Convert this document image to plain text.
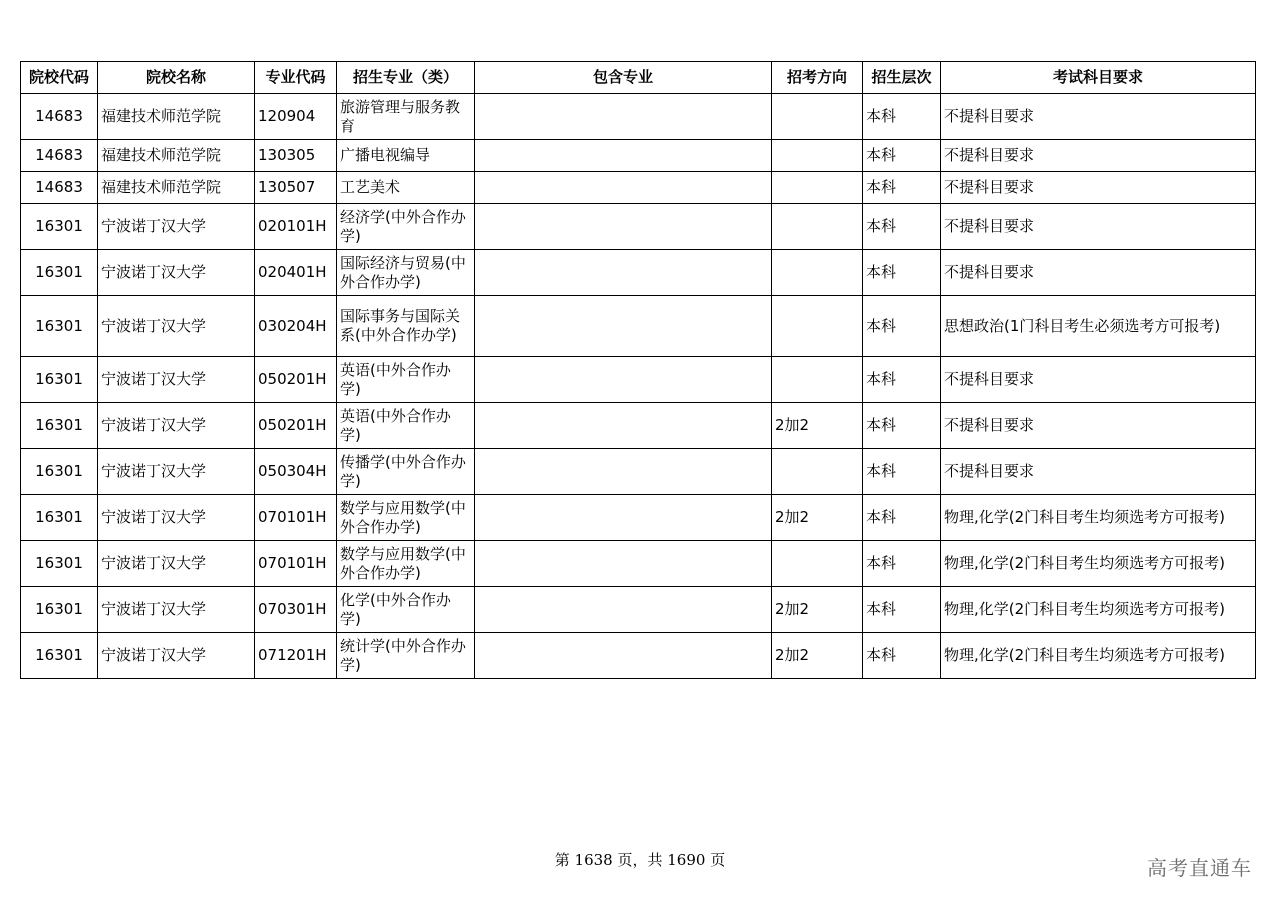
院校代码	院校名称	专业代码	招生专业（类）	包含专业	招考方向	招生层次	考试科目要求
14683	福建技术师范学院	120904	旅游管理与服务教育			本科	不提科目要求
14683	福建技术师范学院	130305	广播电视编导			本科	不提科目要求
14683	福建技术师范学院	130507	工艺美术			本科	不提科目要求
16301	宁波诺丁汉大学	020101H	经济学(中外合作办学)			本科	不提科目要求
16301	宁波诺丁汉大学	020401H	国际经济与贸易(中外合作办学)			本科	不提科目要求
16301	宁波诺丁汉大学	030204H	国际事务与国际关系(中外合作办学)			本科	思想政治(1门科目考生必须选考方可报考)
16301	宁波诺丁汉大学	050201H	英语(中外合作办学)			本科	不提科目要求
16301	宁波诺丁汉大学	050201H	英语(中外合作办学)		2加2	本科	不提科目要求
16301	宁波诺丁汉大学	050304H	传播学(中外合作办学)			本科	不提科目要求
16301	宁波诺丁汉大学	070101H	数学与应用数学(中外合作办学)		2加2	本科	物理,化学(2门科目考生均须选考方可报考)
16301	宁波诺丁汉大学	070101H	数学与应用数学(中外合作办学)			本科	物理,化学(2门科目考生均须选考方可报考)
16301	宁波诺丁汉大学	070301H	化学(中外合作办学)		2加2	本科	物理,化学(2门科目考生均须选考方可报考)
16301	宁波诺丁汉大学	071201H	统计学(中外合作办学)		2加2	本科	物理,化学(2门科目考生均须选考方可报考)
第 1638 页，共 1690 页	高考直通车
